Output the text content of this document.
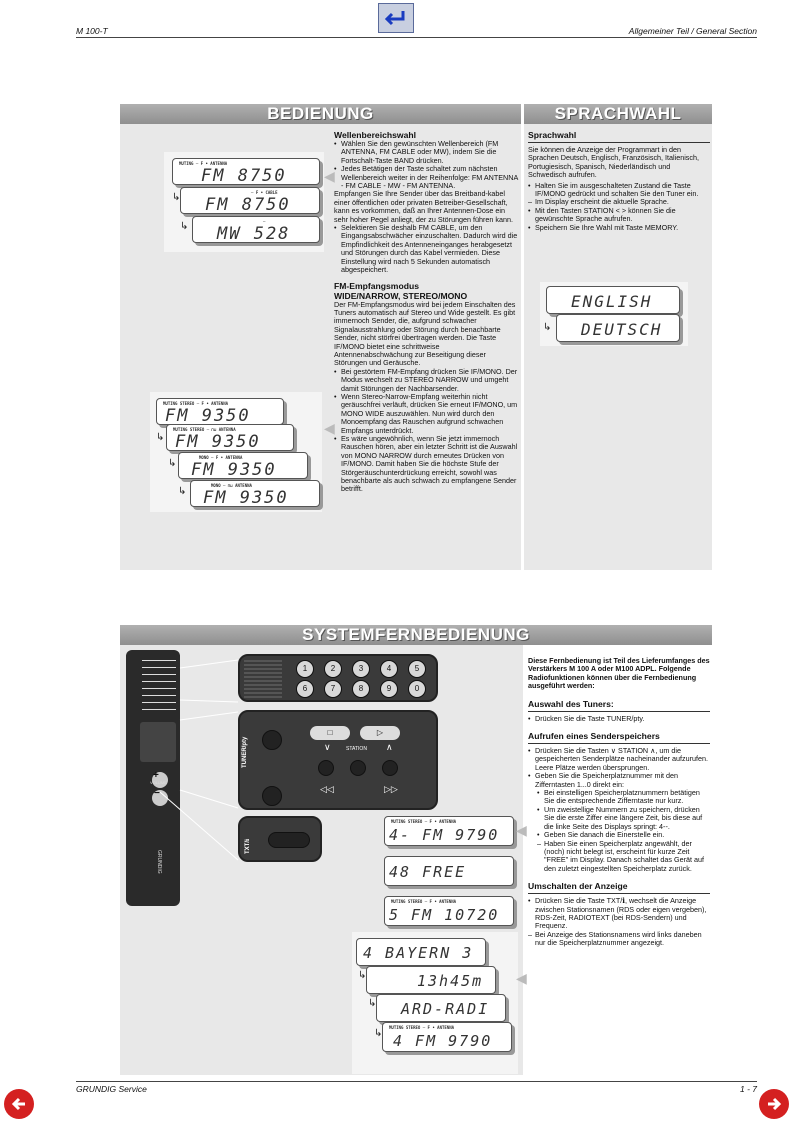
M 100-T	Allgemeiner Teil / General Section
BEDIENUNG	SPRACHWAHL
MUTING ─ F • ANTENNA
FM 8750
↳	─ F • CABLE
FM 8750
↳	─
MW 528
◀
MUTING STEREO ─ F • ANTENNA
FM 9350
↳
MUTING STEREO ─ ⊓⊔ ANTENNA
FM 9350
↳
MONO ─ F • ANTENNA
FM 9350
↳
MONO ─ ⊓⊔ ANTENNA
FM 9350
◀
Wellenbereichswahl
• Wählen Sie den gewünschten Wellenbereich (FM ANTENNA, FM CABLE oder MW), indem Sie die Fortschalt-Taste BAND drücken.
• Jedes Betätigen der Taste schaltet zum nächsten Wellenbereich weiter in der Reihenfolge: FM ANTENNA - FM CABLE - MW - FM ANTENNA.

Empfangen Sie Ihre Sender über das Breitband-kabel einer öffentlichen oder privaten Betreiber-Gesellschaft, kann es vorkommen, daß an Ihrer Antennen-Dose ein sehr hoher Pegel anliegt, der zu Störungen führen kann.

• Selektieren Sie deshalb FM CABLE, um den Eingangsabschwächer einzuschalten. Dadurch wird die Empfindlichkeit des Antenneneinganges herabgesetzt und Störungen durch das Kabel vermieden. Diese Einstellung wird nach 5 Sekunden automatisch abgespeichert.
FM-Empfangsmodus
WIDE/NARROW, STEREO/MONO

Der FM-Empfangsmodus wird bei jedem Einschalten des Tuners automatisch auf Stereo und Wide gestellt. Es gibt immernoch Sender, die, aufgrund schwacher Signalausstrahlung oder Störung durch benachbarte Sender, nicht störfrei übertragen werden. Die Taste IF/MONO bietet eine schrittweise Antennenabschwächung zur Beseitigung dieser Störungen und Geräusche.

• Bei gestörtem FM-Empfang drücken Sie IF/MONO. Der Modus wechselt zu STEREO NARROW und umgeht damit Störungen der Nachbarsender.
• Wenn Stereo-Narrow-Empfang weiterhin nicht geräuschfrei verläuft, drücken Sie erneut IF/MONO, um MONO WIDE auszuwählen. Nun wird durch den Monoempfang das Rauschen aufgrund schwachen Empfangs unterdrückt.
• Es wäre ungewöhnlich, wenn Sie jetzt immernoch Rauschen hören, aber ein letzter Schritt ist die Auswahl von MONO NARROW durch erneutes Drücken von IF/MONO. Damit haben Sie die höchste Stufe der Störgeräuschunterdrückung erreicht, sowohl was benachbarte als auch schwach zu empfangene Sender betrifft.
Sprachwahl

Sie können die Anzeige der Programmart in den Sprachen Deutsch, Englisch, Französisch, Italienisch, Portugiesisch, Spanisch, Niederländisch und Schwedisch aufrufen.

• Halten Sie im ausgeschalteten Zustand die Taste IF/MONO gedrückt und schalten Sie den Tuner ein.
– Im Display erscheint die aktuelle Sprache.
• Mit den Tasten STATION < > können Sie die gewünschte Sprache aufrufen.
• Speichern Sie Ihre Wahl mit Taste MEMORY.
ENGLISH
↳ DEUTSCH
SYSTEMFERNBEDIENUNG
GRUNDIG
VOLUME
+
−
1	2	3	4	5
6	7	8	9	0
TUNER/pty
□	▷
∨	STATION ∧
◁◁	▷▷
TXT/ℹ
MUTING STEREO ─ F • ANTENNA
4- FM 9790
48 FREE
MUTING STEREO ─ F • ANTENNA
5 FM 10720
◀
4 BAYERN 3
↳	13h45m
↳ ARD-RADI
↳
MUTING STEREO ─ F • ANTENNA
4 FM 9790
◀

Diese Fernbedienung ist Teil des Lieferumfanges des Verstärkers M 100 A oder M100 ADPL. Folgende Radiofunktionen können über die Fernbedienung ausgeführt werden:

Auswahl des Tuners:
• Drücken Sie die Taste TUNER/pty.
Aufrufen eines Senderspeichers
• Drücken Sie die Tasten ∨ STATION ∧, um die gespeicherten Senderplätze nacheinander aufzurufen. Leere Plätze werden übersprungen.
• Geben Sie die Speicherplatznummer mit den Zifferntasten 1...0 direkt ein:
• Bei einstelligen Speicherplatznummern betätigen Sie die entsprechende Zifferntaste nur kurz.
• Um zweistellige Nummern zu speichern, drücken Sie die erste Ziffer eine längere Zeit, bis diese auf die linke Seite des Displays springt: 4--.
• Geben Sie danach die Einerstelle ein.
– Haben Sie einen Speicherplatz angewählt, der (noch) nicht belegt ist, erscheint für kurze Zeit "FREE" im Display. Danach schaltet das Gerät auf den zuletzt eingestellten Speicherplatz zurück.
Umschalten der Anzeige
• Drücken Sie die Taste TXT/ℹ, wechselt die Anzeige zwischen Stationsnamen (RDS oder eigen vergeben), RDS-Zeit, RADIOTEXT (bei RDS-Sendern) und Frequenz.
– Bei Anzeige des Stationsnamens wird links daneben nur die Speicherplatznummer angezeigt.
GRUNDIG Service	1 - 7
